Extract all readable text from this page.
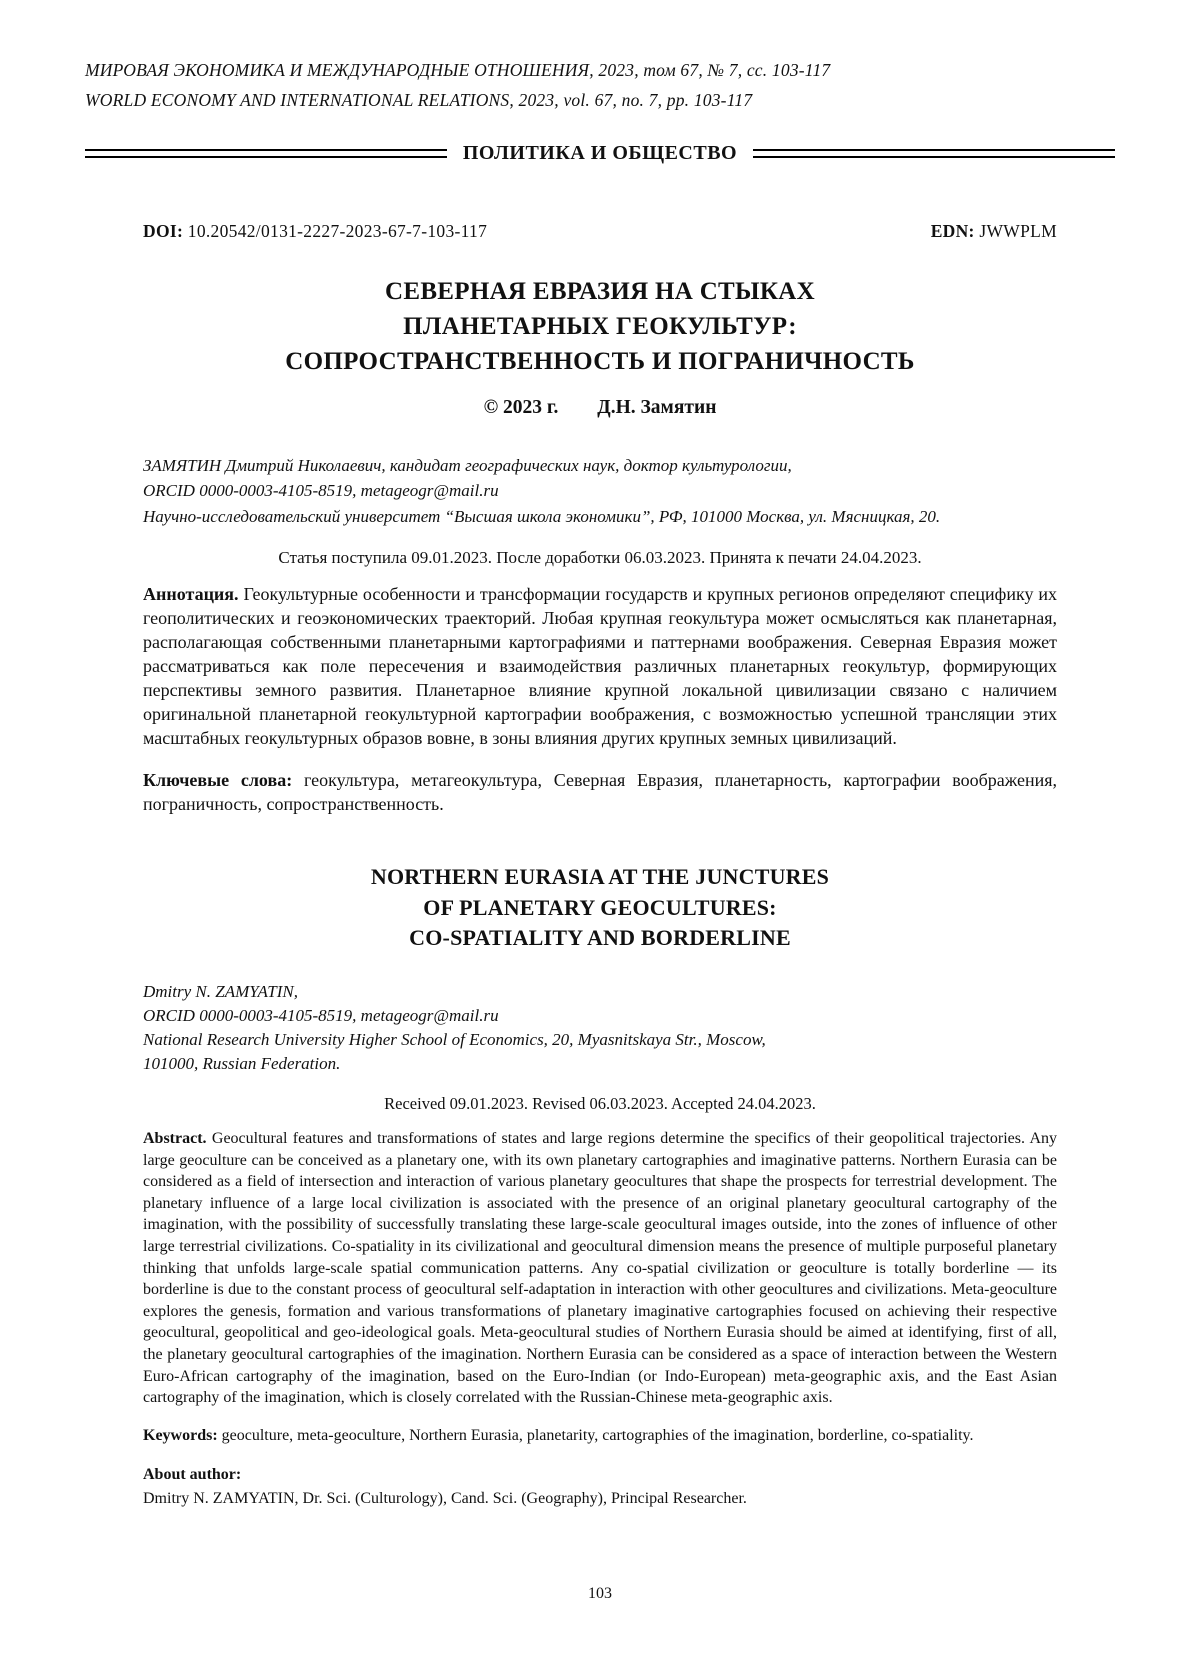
МИРОВАЯ ЭКОНОМИКА И МЕЖДУНАРОДНЫЕ ОТНОШЕНИЯ, 2023, том 67, № 7, сс. 103-117
WORLD ECONOMY AND INTERNATIONAL RELATIONS, 2023, vol. 67, no. 7, pp. 103-117
ПОЛИТИКА И ОБЩЕСТВО
DOI: 10.20542/0131-2227-2023-67-7-103-117	EDN: JWWPLM
СЕВЕРНАЯ ЕВРАЗИЯ НА СТЫКАХ
ПЛАНЕТАРНЫХ ГЕОКУЛЬТУР:
СОПРОСТРАНСТВЕННОСТЬ И ПОГРАНИЧНОСТЬ
© 2023 г. Д.Н. Замятин
ЗАМЯТИН Дмитрий Николаевич, кандидат географических наук, доктор культурологии,
ORCID 0000-0003-4105-8519, metageogr@mail.ru
Научно-исследовательский университет “Высшая школа экономики”, РФ, 101000 Москва, ул. Мясницкая, 20.
Статья поступила 09.01.2023. После доработки 06.03.2023. Принята к печати 24.04.2023.

Аннотация. Геокультурные особенности и трансформации государств и крупных регионов определяют специфику их геополитических и геоэкономических траекторий. Любая крупная геокультура может осмысляться как планетарная, располагающая собственными планетарными картографиями и паттернами воображения. Северная Евразия может рассматриваться как поле пересечения и взаимодействия различных планетарных геокультур, формирующих перспективы земного развития. Планетарное влияние крупной локальной цивилизации связано с наличием оригинальной планетарной геокультурной картографии воображения, с возможностью успешной трансляции этих масштабных геокультурных образов вовне, в зоны влияния других крупных земных цивилизаций.

Ключевые слова: геокультура, метагеокультура, Северная Евразия, планетарность, картографии воображения, пограничность, сопространственность.

NORTHERN EURASIA AT THE JUNCTURES
OF PLANETARY GEOCULTURES:
CO-SPATIALITY AND BORDERLINE
Dmitry N. ZAMYATIN,
ORCID 0000-0003-4105-8519, metageogr@mail.ru
National Research University Higher School of Economics, 20, Myasnitskaya Str., Moscow,
101000, Russian Federation.
Received 09.01.2023. Revised 06.03.2023. Accepted 24.04.2023.

Abstract. Geocultural features and transformations of states and large regions determine the specifics of their geopolitical trajectories. Any large geoculture can be conceived as a planetary one, with its own planetary cartographies and imaginative patterns. Northern Eurasia can be considered as a field of intersection and interaction of various planetary geocultures that shape the prospects for terrestrial development. The planetary influence of a large local civilization is associated with the presence of an original planetary geocultural cartography of the imagination, with the possibility of successfully translating these large-scale geocultural images outside, into the zones of influence of other large terrestrial civilizations. Co-spatiality in its civilizational and geocultural dimension means the presence of multiple purposeful planetary thinking that unfolds large-scale spatial communication patterns. Any co-spatial civilization or geoculture is totally borderline — its borderline is due to the constant process of geocultural self-adaptation in interaction with other geocultures and civilizations. Meta-geoculture explores the genesis, formation and various transformations of planetary imaginative cartographies focused on achieving their respective geocultural, geopolitical and geo-ideological goals. Meta-geocultural studies of Northern Eurasia should be aimed at identifying, first of all, the planetary geocultural cartographies of the imagination. Northern Eurasia can be considered as a space of interaction between the Western Euro-African cartography of the imagination, based on the Euro-Indian (or Indo-European) meta-geographic axis, and the East Asian cartography of the imagination, which is closely correlated with the Russian-Chinese meta-geographic axis.

Keywords: geoculture, meta-geoculture, Northern Eurasia, planetarity, cartographies of the imagination, borderline, co-spatiality.

About author:
Dmitry N. ZAMYATIN, Dr. Sci. (Culturology), Cand. Sci. (Geography), Principal Researcher.
103
